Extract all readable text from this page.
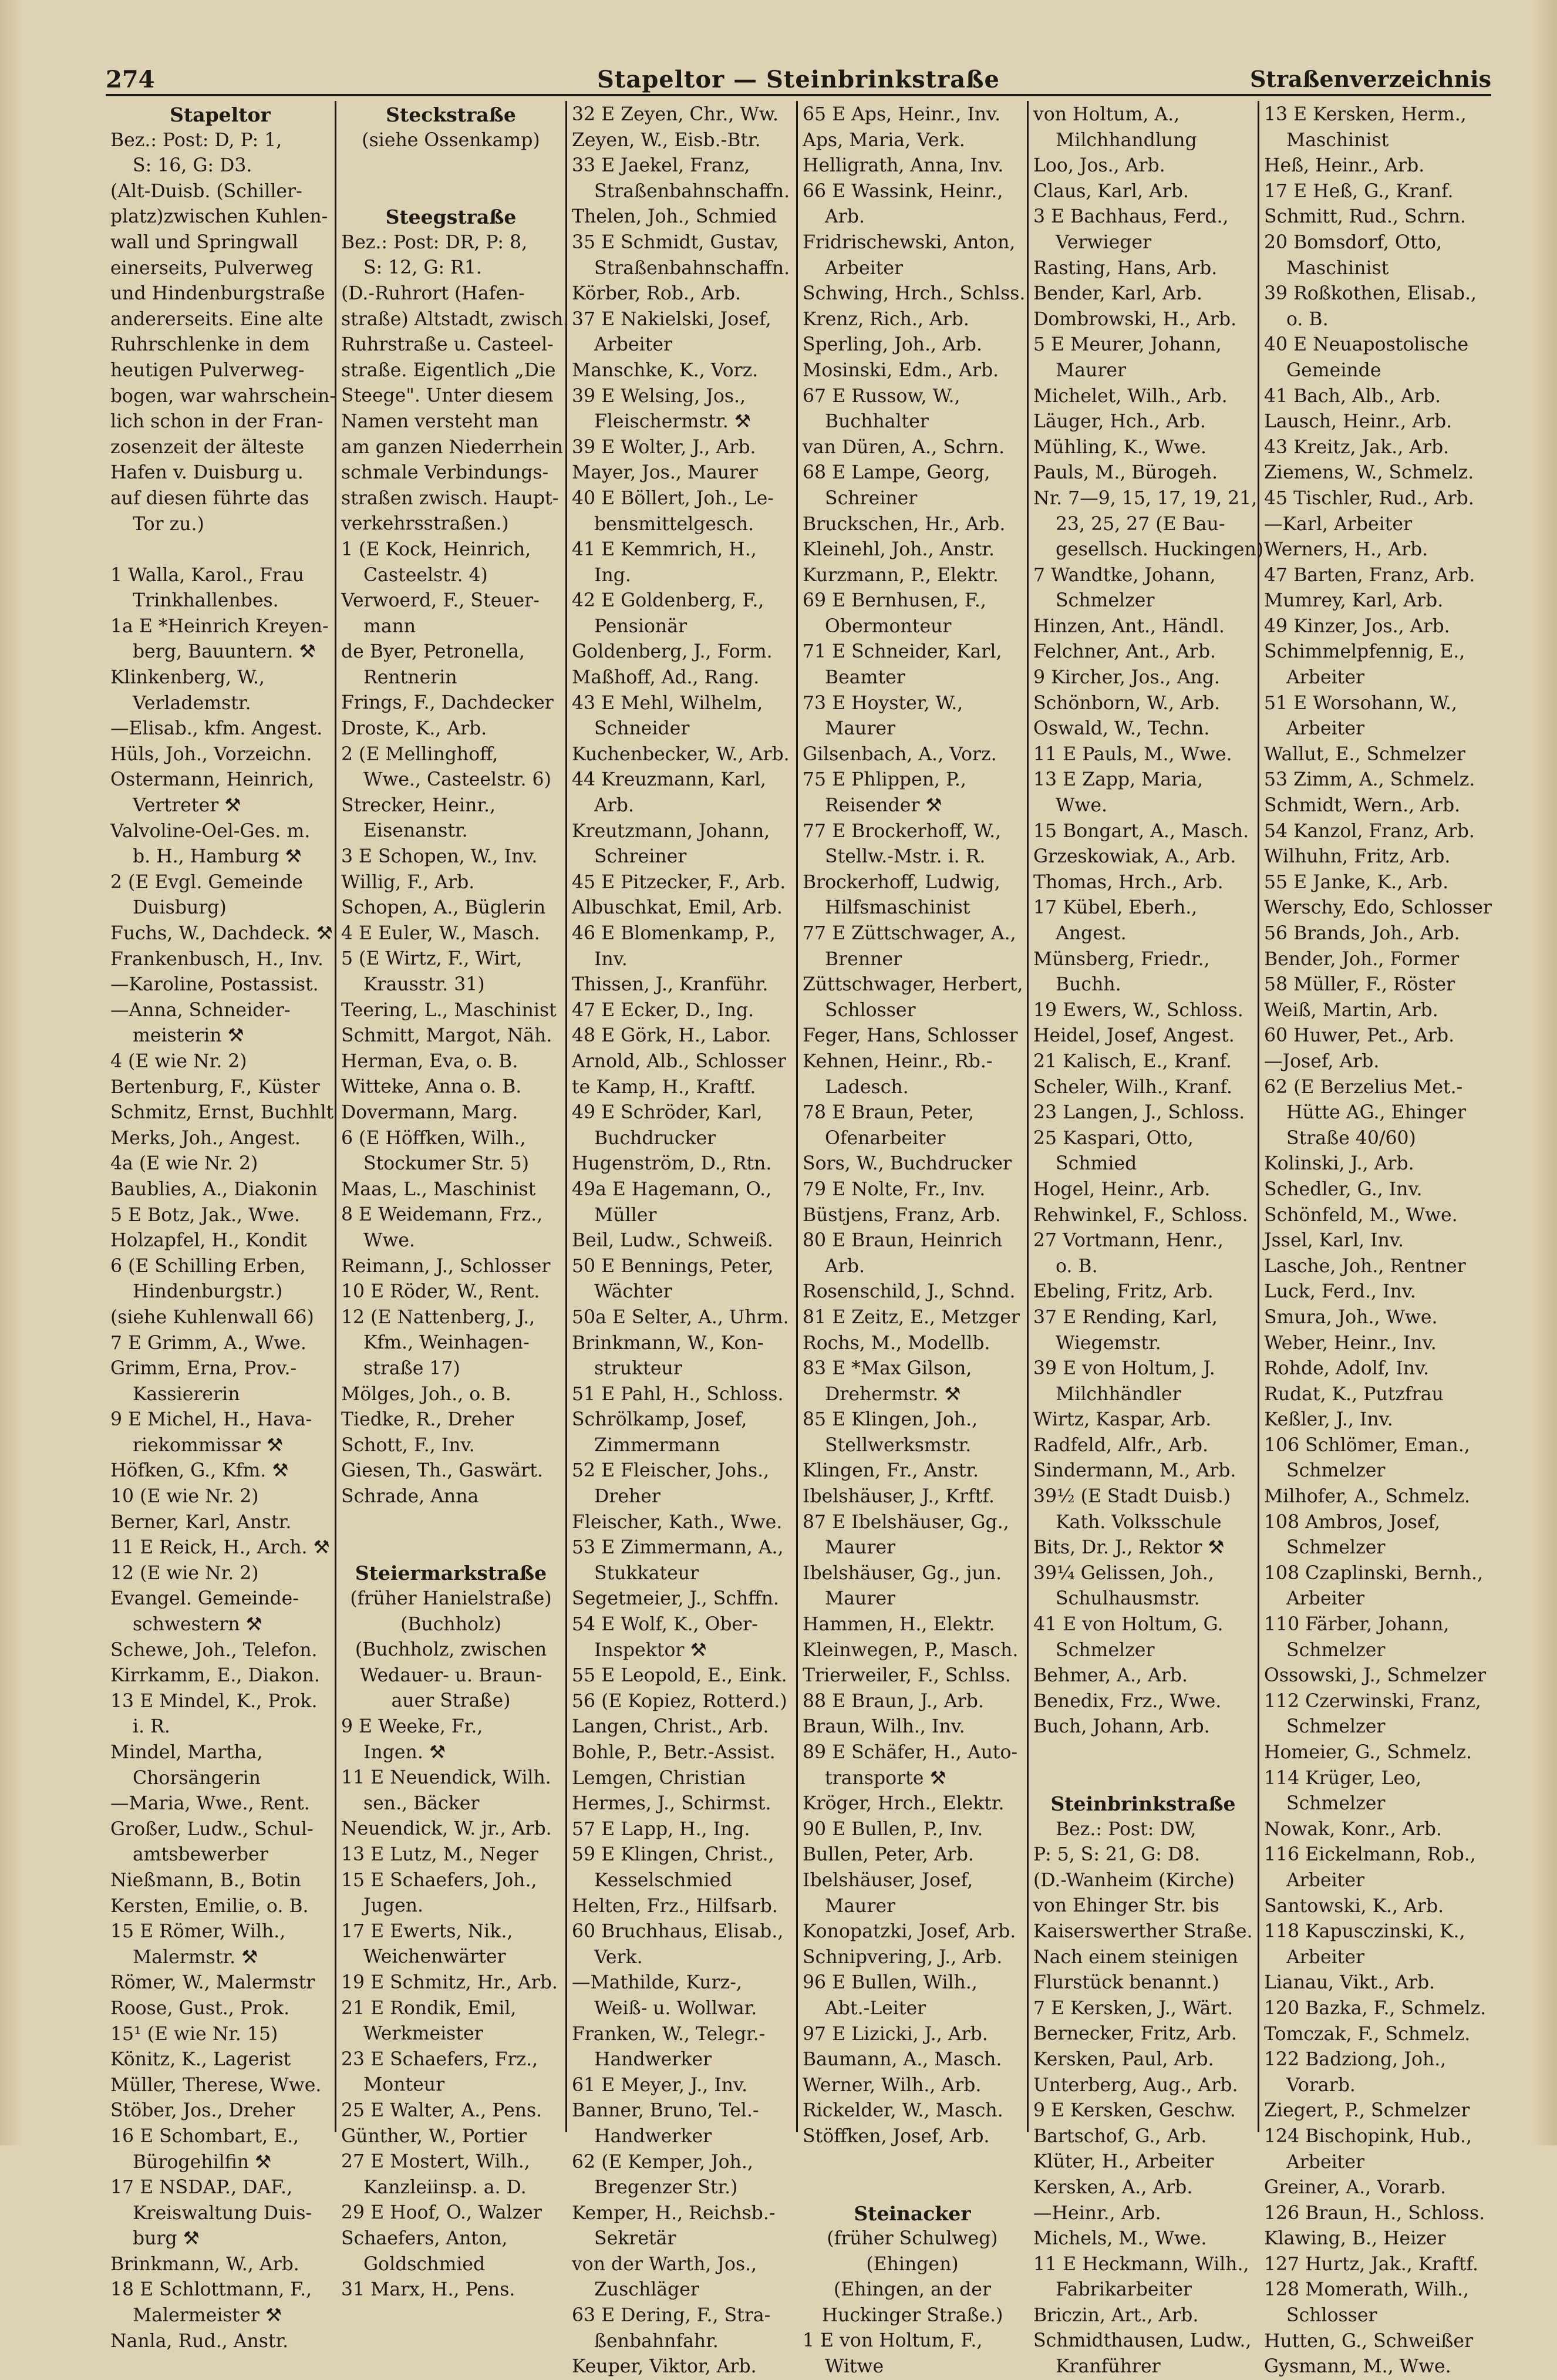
274	Stapeltor — Steinbrinkstraße	Straßenverzeichnis
Stapeltor
Bez.: Post: D, P: 1,
S: 16, G: D3.
(Alt-Duisb. (Schiller-
platz)zwischen Kuhlen-
wall und Springwall
einerseits, Pulverweg
und Hindenburgstraße
andererseits. Eine alte
Ruhrschlenke in dem
heutigen Pulverweg-
bogen, war wahrschein-
lich schon in der Fran-
zosenzeit der älteste
Hafen v. Duisburg u.
auf diesen führte das
Tor zu.)
1 Walla, Karol., Frau
Trinkhallenbes.
1a E *Heinrich Kreyen-
berg, Bauuntern. ⚒
Klinkenberg, W.,
Verlademstr.
—Elisab., kfm. Angest.
Hüls, Joh., Vorzeichn.
Ostermann, Heinrich,
Vertreter ⚒
Valvoline-Oel-Ges. m.
b. H., Hamburg ⚒
2 (E Evgl. Gemeinde
Duisburg)
Fuchs, W., Dachdeck. ⚒
Frankenbusch, H., Inv.
—Karoline, Postassist.
—Anna, Schneider-
meisterin ⚒
4 (E wie Nr. 2)
Bertenburg, F., Küster
Schmitz, Ernst, Buchhlt
Merks, Joh., Angest.
4a (E wie Nr. 2)
Baublies, A., Diakonin
5 E Botz, Jak., Wwe.
Holzapfel, H., Kondit
6 (E Schilling Erben,
Hindenburgstr.)
(siehe Kuhlenwall 66)
7 E Grimm, A., Wwe.
Grimm, Erna, Prov.-
Kassiererin
9 E Michel, H., Hava-
riekommissar ⚒
Höfken, G., Kfm. ⚒
10 (E wie Nr. 2)
Berner, Karl, Anstr.
11 E Reick, H., Arch. ⚒
12 (E wie Nr. 2)
Evangel. Gemeinde-
schwestern ⚒
Schewe, Joh., Telefon.
Kirrkamm, E., Diakon.
13 E Mindel, K., Prok.
i. R.
Mindel, Martha,
Chorsängerin
—Maria, Wwe., Rent.
Großer, Ludw., Schul-
amtsbewerber
Nießmann, B., Botin
Kersten, Emilie, o. B.
15 E Römer, Wilh.,
Malermstr. ⚒
Römer, W., Malermstr
Roose, Gust., Prok.
15¹ (E wie Nr. 15)
Könitz, K., Lagerist
Müller, Therese, Wwe.
Stöber, Jos., Dreher
16 E Schombart, E.,
Bürogehilfin ⚒
17 E NSDAP., DAF.,
Kreiswaltung Duis-
burg ⚒
Brinkmann, W., Arb.
18 E Schlottmann, F.,
Malermeister ⚒
Nanla, Rud., Anstr.
Steckstraße
(siehe Ossenkamp)
Steegstraße
Bez.: Post: DR, P: 8,
S: 12, G: R1.
(D.-Ruhrort (Hafen-
straße) Altstadt, zwisch.
Ruhrstraße u. Casteel-
straße. Eigentlich „Die
Steege". Unter diesem
Namen versteht man
am ganzen Niederrhein
schmale Verbindungs-
straßen zwisch. Haupt-
verkehrsstraßen.)
1 (E Kock, Heinrich,
Casteelstr. 4)
Verwoerd, F., Steuer-
mann
de Byer, Petronella,
Rentnerin
Frings, F., Dachdecker
Droste, K., Arb.
2 (E Mellinghoff,
Wwe., Casteelstr. 6)
Strecker, Heinr.,
Eisenanstr.
3 E Schopen, W., Inv.
Willig, F., Arb.
Schopen, A., Büglerin
4 E Euler, W., Masch.
5 (E Wirtz, F., Wirt,
Krausstr. 31)
Teering, L., Maschinist
Schmitt, Margot, Näh.
Herman, Eva, o. B.
Witteke, Anna o. B.
Dovermann, Marg.
6 (E Höffken, Wilh.,
Stockumer Str. 5)
Maas, L., Maschinist
8 E Weidemann, Frz.,
Wwe.
Reimann, J., Schlosser
10 E Röder, W., Rent.
12 (E Nattenberg, J.,
Kfm., Weinhagen-
straße 17)
Mölges, Joh., o. B.
Tiedke, R., Dreher
Schott, F., Inv.
Giesen, Th., Gaswärt.
Schrade, Anna
Steiermarkstraße
(früher Hanielstraße)
(Buchholz)
(Buchholz, zwischen
Wedauer- u. Braun-
auer Straße)
9 E Weeke, Fr.,
Ingen. ⚒
11 E Neuendick, Wilh.
sen., Bäcker
Neuendick, W. jr., Arb.
13 E Lutz, M., Neger
15 E Schaefers, Joh.,
Jugen.
17 E Ewerts, Nik.,
Weichenwärter
19 E Schmitz, Hr., Arb.
21 E Rondik, Emil,
Werkmeister
23 E Schaefers, Frz.,
Monteur
25 E Walter, A., Pens.
Günther, W., Portier
27 E Mostert, Wilh.,
Kanzleiinsp. a. D.
29 E Hoof, O., Walzer
Schaefers, Anton,
Goldschmied
31 Marx, H., Pens.
32 E Zeyen, Chr., Ww.
Zeyen, W., Eisb.-Btr.
33 E Jaekel, Franz,
Straßenbahnschaffn.
Thelen, Joh., Schmied
35 E Schmidt, Gustav,
Straßenbahnschaffn.
Körber, Rob., Arb.
37 E Nakielski, Josef,
Arbeiter
Manschke, K., Vorz.
39 E Welsing, Jos.,
Fleischermstr. ⚒
39 E Wolter, J., Arb.
Mayer, Jos., Maurer
40 E Böllert, Joh., Le-
bensmittelgesch.
41 E Kemmrich, H.,
Ing.
42 E Goldenberg, F.,
Pensionär
Goldenberg, J., Form.
Maßhoff, Ad., Rang.
43 E Mehl, Wilhelm,
Schneider
Kuchenbecker, W., Arb.
44 Kreuzmann, Karl,
Arb.
Kreutzmann, Johann,
Schreiner
45 E Pitzecker, F., Arb.
Albuschkat, Emil, Arb.
46 E Blomenkamp, P.,
Inv.
Thissen, J., Kranführ.
47 E Ecker, D., Ing.
48 E Görk, H., Labor.
Arnold, Alb., Schlosser
te Kamp, H., Kraftf.
49 E Schröder, Karl,
Buchdrucker
Hugenström, D., Rtn.
49a E Hagemann, O.,
Müller
Beil, Ludw., Schweiß.
50 E Bennings, Peter,
Wächter
50a E Selter, A., Uhrm.
Brinkmann, W., Kon-
strukteur
51 E Pahl, H., Schloss.
Schrölkamp, Josef,
Zimmermann
52 E Fleischer, Johs.,
Dreher
Fleischer, Kath., Wwe.
53 E Zimmermann, A.,
Stukkateur
Segetmeier, J., Schffn.
54 E Wolf, K., Ober-
Inspektor ⚒
55 E Leopold, E., Eink.
56 (E Kopiez, Rotterd.)
Langen, Christ., Arb.
Bohle, P., Betr.-Assist.
Lemgen, Christian
Hermes, J., Schirmst.
57 E Lapp, H., Ing.
59 E Klingen, Christ.,
Kesselschmied
Helten, Frz., Hilfsarb.
60 Bruchhaus, Elisab.,
Verk.
—Mathilde, Kurz-,
Weiß- u. Wollwar.
Franken, W., Telegr.-
Handwerker
61 E Meyer, J., Inv.
Banner, Bruno, Tel.-
Handwerker
62 (E Kemper, Joh.,
Bregenzer Str.)
Kemper, H., Reichsb.-
Sekretär
von der Warth, Jos.,
Zuschläger
63 E Dering, F., Stra-
ßenbahnfahr.
Keuper, Viktor, Arb.
65 E Aps, Heinr., Inv.
Aps, Maria, Verk.
Helligrath, Anna, Inv.
66 E Wassink, Heinr.,
Arb.
Fridrischewski, Anton,
Arbeiter
Schwing, Hrch., Schlss.
Krenz, Rich., Arb.
Sperling, Joh., Arb.
Mosinski, Edm., Arb.
67 E Russow, W.,
Buchhalter
van Düren, A., Schrn.
68 E Lampe, Georg,
Schreiner
Bruckschen, Hr., Arb.
Kleinehl, Joh., Anstr.
Kurzmann, P., Elektr.
69 E Bernhusen, F.,
Obermonteur
71 E Schneider, Karl,
Beamter
73 E Hoyster, W.,
Maurer
Gilsenbach, A., Vorz.
75 E Phlippen, P.,
Reisender ⚒
77 E Brockerhoff, W.,
Stellw.-Mstr. i. R.
Brockerhoff, Ludwig,
Hilfsmaschinist
77 E Züttschwager, A.,
Brenner
Züttschwager, Herbert,
Schlosser
Feger, Hans, Schlosser
Kehnen, Heinr., Rb.-
Ladesch.
78 E Braun, Peter,
Ofenarbeiter
Sors, W., Buchdrucker
79 E Nolte, Fr., Inv.
Büstjens, Franz, Arb.
80 E Braun, Heinrich
Arb.
Rosenschild, J., Schnd.
81 E Zeitz, E., Metzger
Rochs, M., Modellb.
83 E *Max Gilson,
Drehermstr. ⚒
85 E Klingen, Joh.,
Stellwerksmstr.
Klingen, Fr., Anstr.
Ibelshäuser, J., Krftf.
87 E Ibelshäuser, Gg.,
Maurer
Ibelshäuser, Gg., jun.
Maurer
Hammen, H., Elektr.
Kleinwegen, P., Masch.
Trierweiler, F., Schlss.
88 E Braun, J., Arb.
Braun, Wilh., Inv.
89 E Schäfer, H., Auto-
transporte ⚒
Kröger, Hrch., Elektr.
90 E Bullen, P., Inv.
Bullen, Peter, Arb.
Ibelshäuser, Josef,
Maurer
Konopatzki, Josef, Arb.
Schnipvering, J., Arb.
96 E Bullen, Wilh.,
Abt.-Leiter
97 E Lizicki, J., Arb.
Baumann, A., Masch.
Werner, Wilh., Arb.
Rickelder, W., Masch.
Stöffken, Josef, Arb.
Steinacker
(früher Schulweg)
(Ehingen)
(Ehingen, an der
Huckinger Straße.)
1 E von Holtum, F.,
Witwe
von Holtum, A.,
Milchhandlung
Loo, Jos., Arb.
Claus, Karl, Arb.
3 E Bachhaus, Ferd.,
Verwieger
Rasting, Hans, Arb.
Bender, Karl, Arb.
Dombrowski, H., Arb.
5 E Meurer, Johann,
Maurer
Michelet, Wilh., Arb.
Läuger, Hch., Arb.
Mühling, K., Wwe.
Pauls, M., Bürogeh.
Nr. 7—9, 15, 17, 19, 21,
23, 25, 27 (E Bau-
gesellsch. Huckingen)
7 Wandtke, Johann,
Schmelzer
Hinzen, Ant., Händl.
Felchner, Ant., Arb.
9 Kircher, Jos., Ang.
Schönborn, W., Arb.
Oswald, W., Techn.
11 E Pauls, M., Wwe.
13 E Zapp, Maria,
Wwe.
15 Bongart, A., Masch.
Grzeskowiak, A., Arb.
Thomas, Hrch., Arb.
17 Kübel, Eberh.,
Angest.
Münsberg, Friedr.,
Buchh.
19 Ewers, W., Schloss.
Heidel, Josef, Angest.
21 Kalisch, E., Kranf.
Scheler, Wilh., Kranf.
23 Langen, J., Schloss.
25 Kaspari, Otto,
Schmied
Hogel, Heinr., Arb.
Rehwinkel, F., Schloss.
27 Vortmann, Henr.,
o. B.
Ebeling, Fritz, Arb.
37 E Rending, Karl,
Wiegemstr.
39 E von Holtum, J.
Milchhändler
Wirtz, Kaspar, Arb.
Radfeld, Alfr., Arb.
Sindermann, M., Arb.
39½ (E Stadt Duisb.)
Kath. Volksschule
Bits, Dr. J., Rektor ⚒
39¼ Gelissen, Joh.,
Schulhausmstr.
41 E von Holtum, G.
Schmelzer
Behmer, A., Arb.
Benedix, Frz., Wwe.
Buch, Johann, Arb.
Steinbrinkstraße
Bez.: Post: DW,
P: 5, S: 21, G: D8.
(D.-Wanheim (Kirche)
von Ehinger Str. bis
Kaiserswerther Straße.
Nach einem steinigen
Flurstück benannt.)
7 E Kersken, J., Wärt.
Bernecker, Fritz, Arb.
Kersken, Paul, Arb.
Unterberg, Aug., Arb.
9 E Kersken, Geschw.
Bartschof, G., Arb.
Klüter, H., Arbeiter
Kersken, A., Arb.
—Heinr., Arb.
Michels, M., Wwe.
11 E Heckmann, Wilh.,
Fabrikarbeiter
Briczin, Art., Arb.
Schmidthausen, Ludw.,
Kranführer
13 E Kersken, Herm.,
Maschinist
Heß, Heinr., Arb.
17 E Heß, G., Kranf.
Schmitt, Rud., Schrn.
20 Bomsdorf, Otto,
Maschinist
39 Roßkothen, Elisab.,
o. B.
40 E Neuapostolische
Gemeinde
41 Bach, Alb., Arb.
Lausch, Heinr., Arb.
43 Kreitz, Jak., Arb.
Ziemens, W., Schmelz.
45 Tischler, Rud., Arb.
—Karl, Arbeiter
Werners, H., Arb.
47 Barten, Franz, Arb.
Mumrey, Karl, Arb.
49 Kinzer, Jos., Arb.
Schimmelpfennig, E.,
Arbeiter
51 E Worsohann, W.,
Arbeiter
Wallut, E., Schmelzer
53 Zimm, A., Schmelz.
Schmidt, Wern., Arb.
54 Kanzol, Franz, Arb.
Wilhuhn, Fritz, Arb.
55 E Janke, K., Arb.
Werschy, Edo, Schlosser
56 Brands, Joh., Arb.
Bender, Joh., Former
58 Müller, F., Röster
Weiß, Martin, Arb.
60 Huwer, Pet., Arb.
—Josef, Arb.
62 (E Berzelius Met.-
Hütte AG., Ehinger
Straße 40/60)
Kolinski, J., Arb.
Schedler, G., Inv.
Schönfeld, M., Wwe.
Jssel, Karl, Inv.
Lasche, Joh., Rentner
Luck, Ferd., Inv.
Smura, Joh., Wwe.
Weber, Heinr., Inv.
Rohde, Adolf, Inv.
Rudat, K., Putzfrau
Keßler, J., Inv.
106 Schlömer, Eman.,
Schmelzer
Milhofer, A., Schmelz.
108 Ambros, Josef,
Schmelzer
108 Czaplinski, Bernh.,
Arbeiter
110 Färber, Johann,
Schmelzer
Ossowski, J., Schmelzer
112 Czerwinski, Franz,
Schmelzer
Homeier, G., Schmelz.
114 Krüger, Leo,
Schmelzer
Nowak, Konr., Arb.
116 Eickelmann, Rob.,
Arbeiter
Santowski, K., Arb.
118 Kapusczinski, K.,
Arbeiter
Lianau, Vikt., Arb.
120 Bazka, F., Schmelz.
Tomczak, F., Schmelz.
122 Badziong, Joh.,
Vorarb.
Ziegert, P., Schmelzer
124 Bischopink, Hub.,
Arbeiter
Greiner, A., Vorarb.
126 Braun, H., Schloss.
Klawing, B., Heizer
127 Hurtz, Jak., Kraftf.
128 Momerath, Wilh.,
Schlosser
Hutten, G., Schweißer
Gysmann, M., Wwe.
